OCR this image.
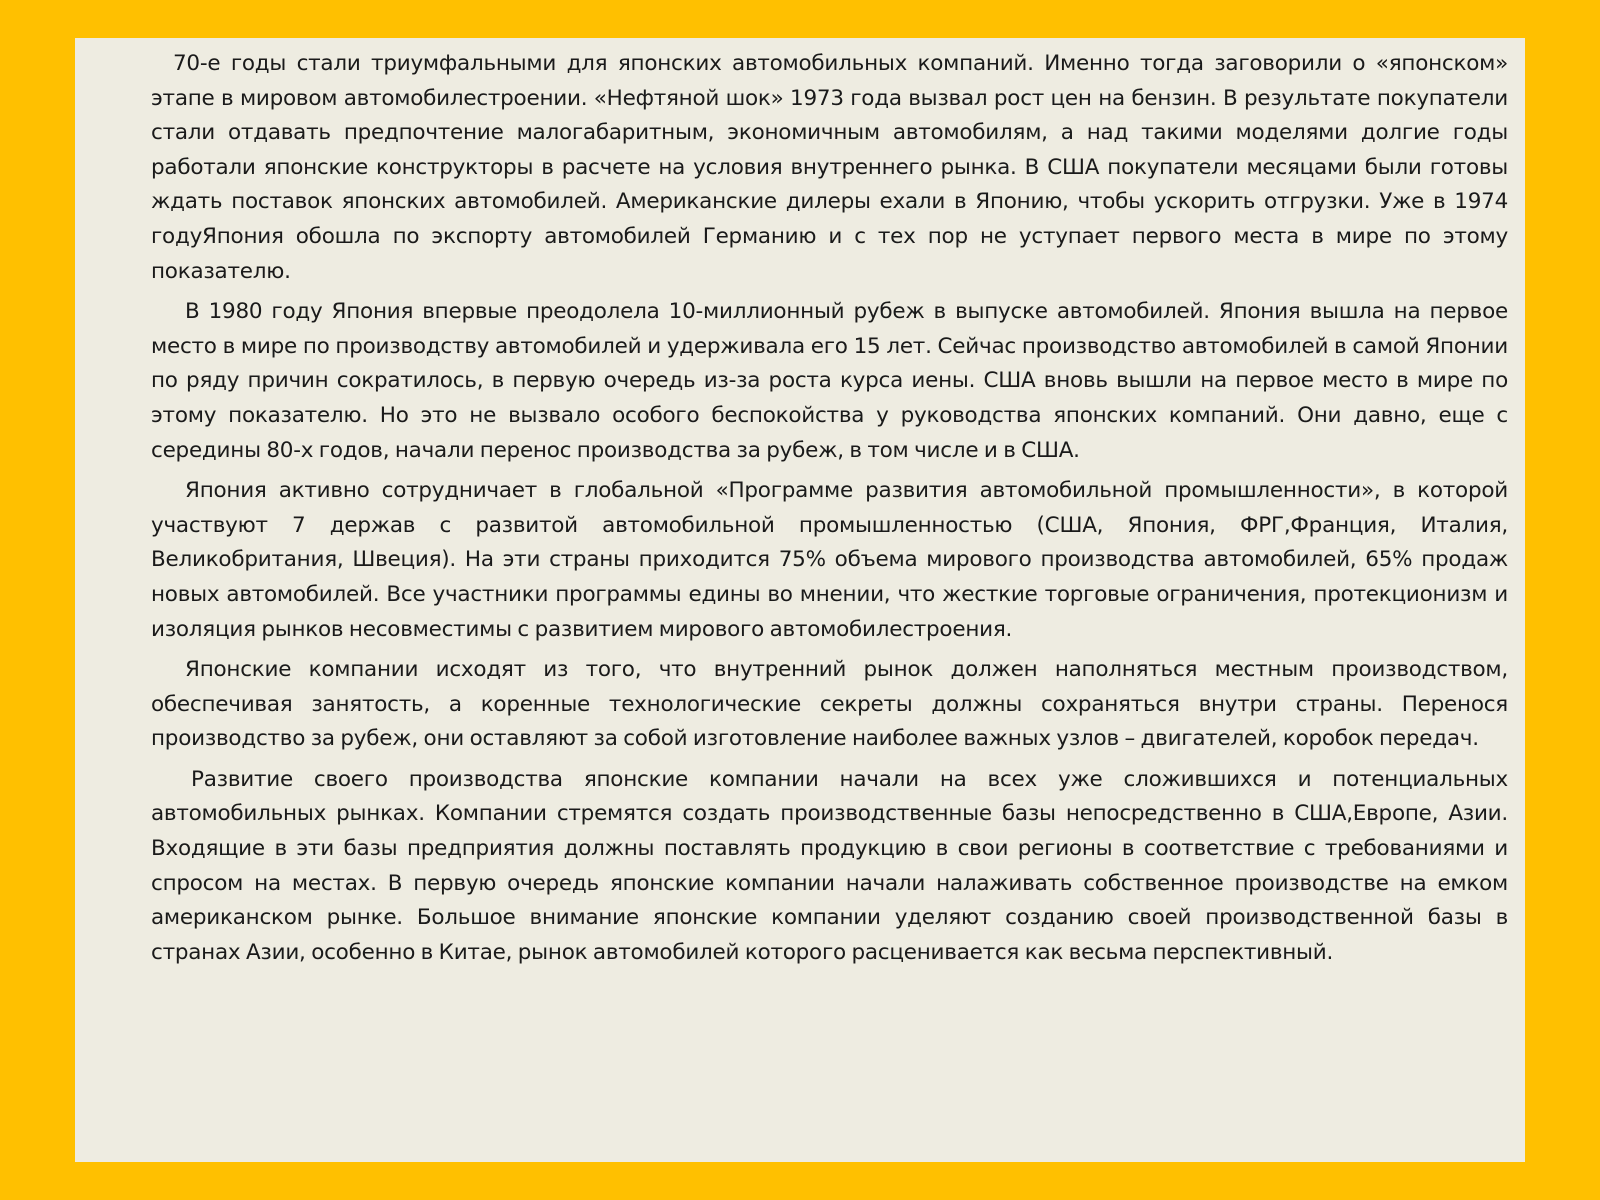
70-е годы стали триумфальными для японских автомобильных компаний. Именно тогда заговорили о «японском» этапе в мировом автомобилестроении. «Нефтяной шок» 1973 года вызвал рост цен на бензин. В результате покупатели стали отдавать предпочтение малогабаритным, экономичным автомобилям, а над такими моделями долгие годы работали японские конструкторы в расчете на условия внутреннего рынка. В США покупатели месяцами были готовы ждать поставок японских автомобилей. Американские дилеры ехали в Японию, чтобы ускорить отгрузки. Уже в 1974 годуЯпония обошла по экспорту автомобилей Германию и с тех пор не уступает первого места в мире по этому показателю.

В 1980 году Япония впервые преодолела 10-миллионный рубеж в выпуске автомобилей. Япония вышла на первое место в мире по производству автомобилей и удерживала его 15 лет. Сейчас производство автомобилей в самой Японии по ряду причин сократилось, в первую очередь из-за роста курса иены. США вновь вышли на первое место в мире по этому показателю. Но это не вызвало особого беспокойства у руководства японских компаний. Они давно, еще с середины 80-х годов, начали перенос производства за рубеж, в том числе и в США.

Япония активно сотрудничает в глобальной «Программе развития автомобильной промышленности», в которой участвуют 7 держав с развитой автомобильной промышленностью (США, Япония, ФРГ,Франция, Италия, Великобритания, Швеция). На эти страны приходится 75% объема мирового производства автомобилей, 65% продаж новых автомобилей. Все участники программы едины во мнении, что жесткие торговые ограничения, протекционизм и изоляция рынков несовместимы с развитием мирового автомобилестроения.

Японские компании исходят из того, что внутренний рынок должен наполняться местным производством, обеспечивая занятость, а коренные технологические секреты должны сохраняться внутри страны. Перенося производство за рубеж, они оставляют за собой изготовление наиболее важных узлов – двигателей, коробок передач.

Развитие своего производства японские компании начали на всех уже сложившихся и потенциальных автомобильных рынках. Компании стремятся создать производственные базы непосредственно в США,Европе, Азии. Входящие в эти базы предприятия должны поставлять продукцию в свои регионы в соответствие с требованиями и спросом на местах. В первую очередь японские компании начали налаживать собственное производстве на емком американском рынке. Большое внимание японские компании уделяют созданию своей производственной базы в странах Азии, особенно в Китае, рынок автомобилей которого расценивается как весьма перспективный.
